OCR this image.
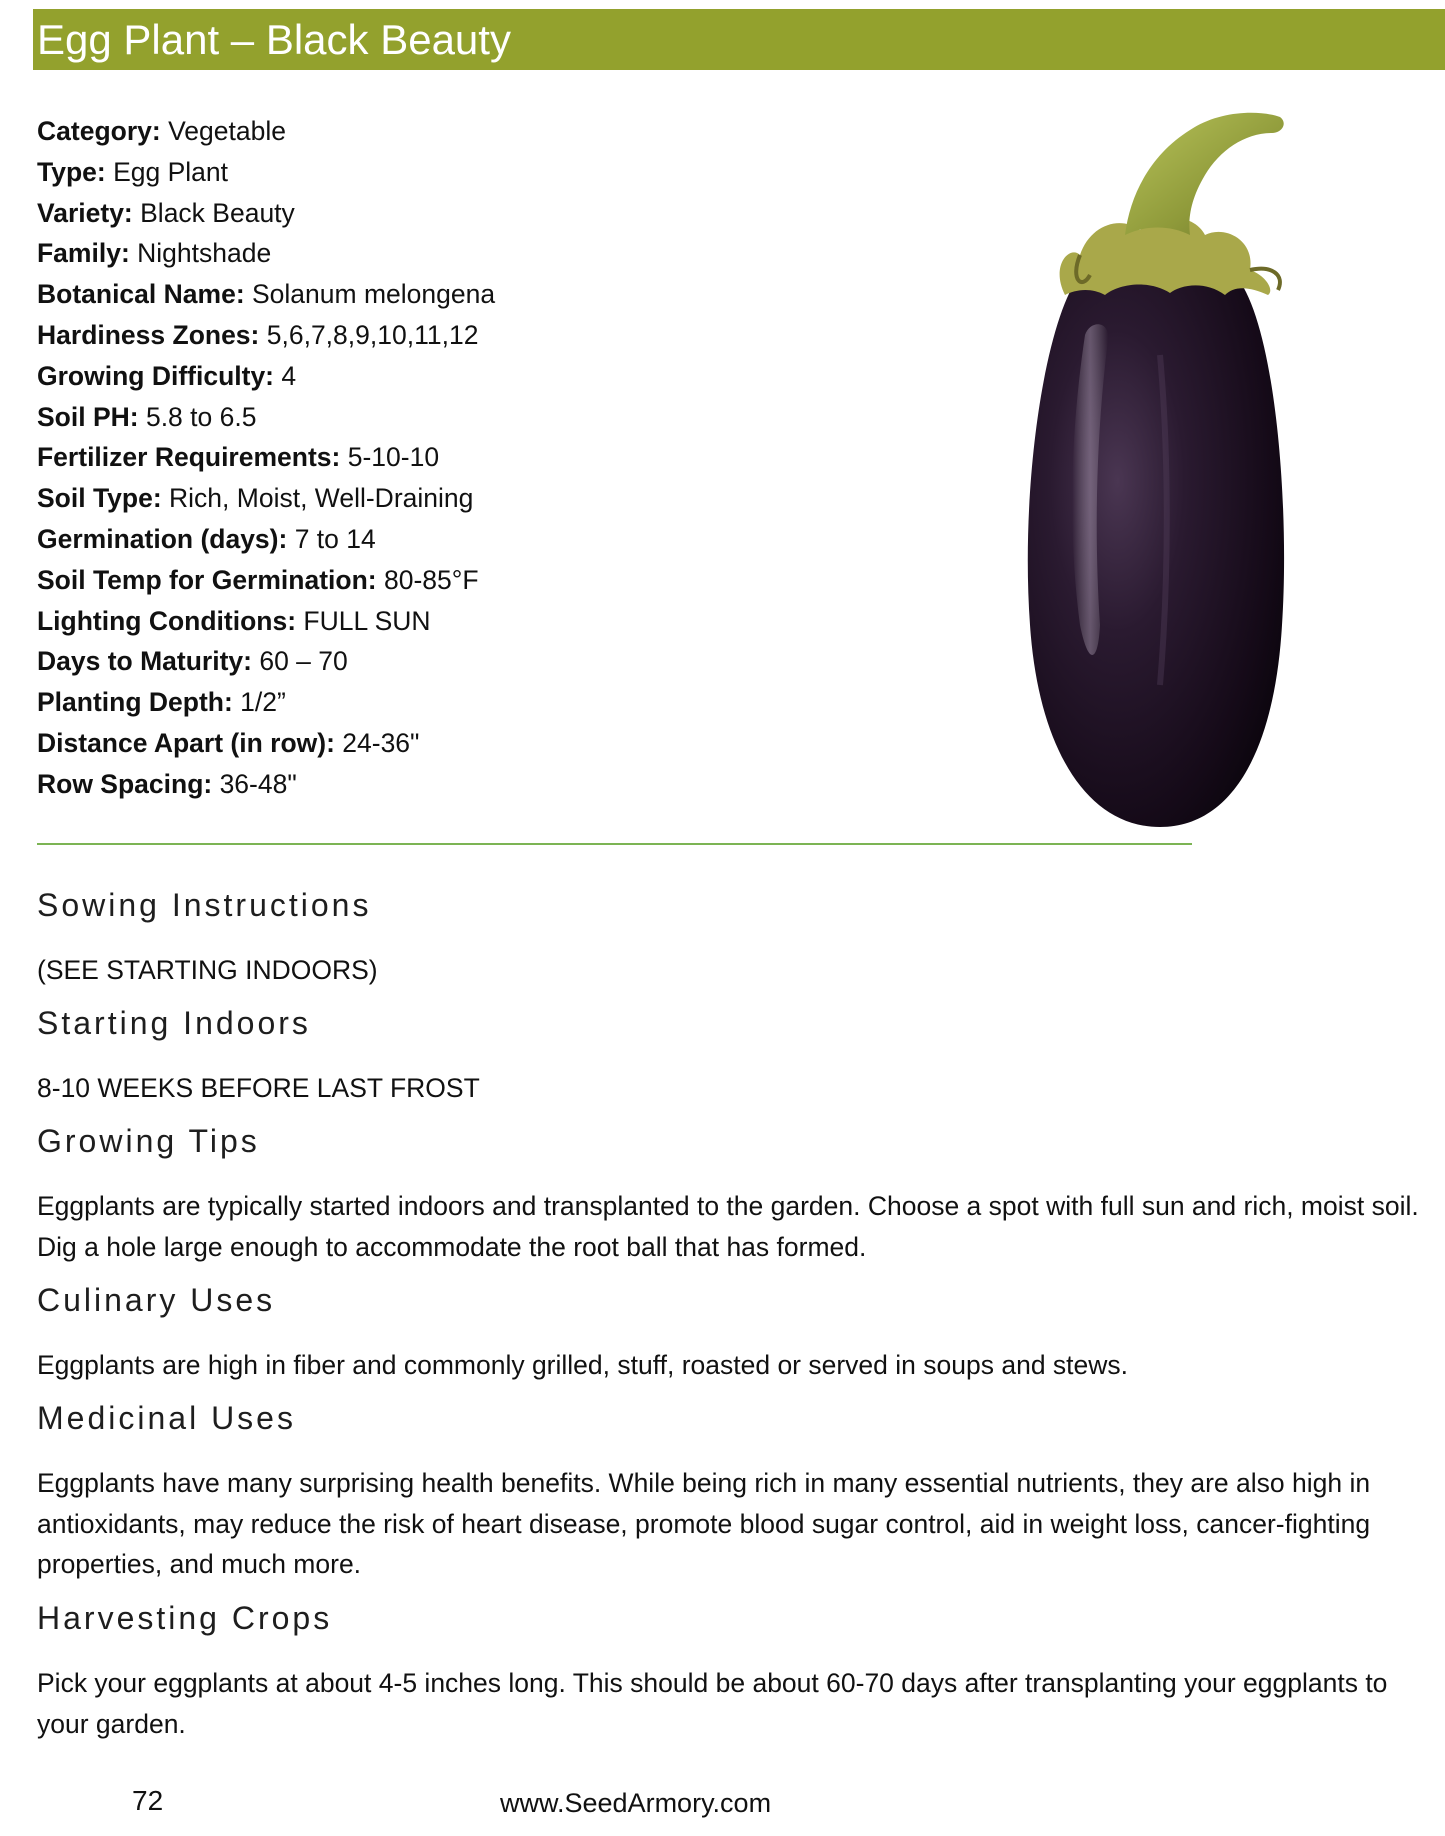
Egg Plant – Black Beauty
Category: Vegetable
Type: Egg Plant
Variety: Black Beauty
Family: Nightshade
Botanical Name: Solanum melongena
Hardiness Zones: 5,6,7,8,9,10,11,12
Growing Difficulty: 4
Soil PH: 5.8 to 6.5
Fertilizer Requirements: 5-10-10
Soil Type: Rich, Moist, Well-Draining
Germination (days): 7 to 14
Soil Temp for Germination: 80-85°F
Lighting Conditions: FULL SUN
Days to Maturity: 60 – 70
Planting Depth: 1/2”
Distance Apart (in row): 24-36"
Row Spacing: 36-48"
Sowing Instructions
(SEE STARTING INDOORS)
Starting Indoors
8-10 WEEKS BEFORE LAST FROST
Growing Tips
Eggplants are typically started indoors and transplanted to the garden. Choose a spot with full sun and rich, moist soil. Dig a hole large enough to accommodate the root ball that has formed.
Culinary Uses
Eggplants are high in fiber and commonly grilled, stuff, roasted or served in soups and stews.
Medicinal Uses
Eggplants have many surprising health benefits. While being rich in many essential nutrients, they are also high in antioxidants, may reduce the risk of heart disease, promote blood sugar control, aid in weight loss, cancer-fighting properties, and much more.
Harvesting Crops
Pick your eggplants at about 4-5 inches long. This should be about 60-70 days after transplanting your eggplants to your garden.
72	www.SeedArmory.com
